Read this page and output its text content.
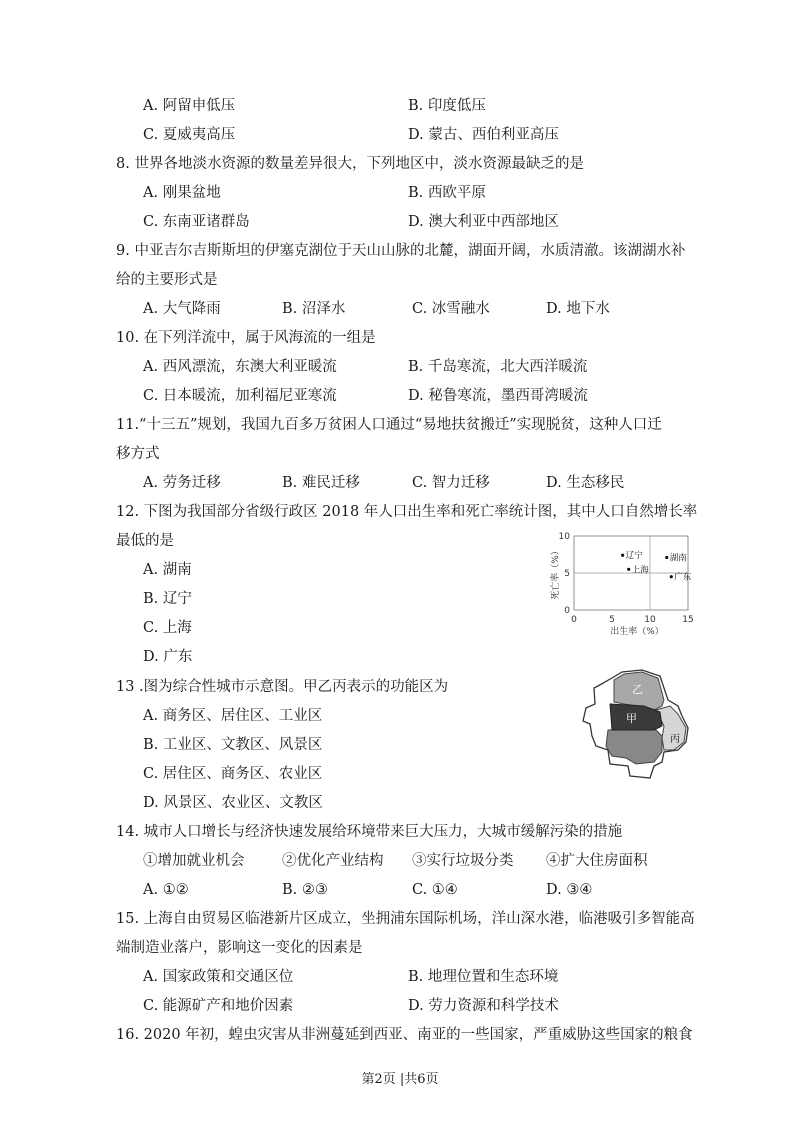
A. 阿留申低压	B. 印度低压
C. 夏威夷高压	D. 蒙古、西伯利亚高压
8. 世界各地淡水资源的数量差异很大，下列地区中，淡水资源最缺乏的是
A. 刚果盆地	B. 西欧平原
C. 东南亚诸群岛	D. 澳大利亚中西部地区
9. 中亚吉尔吉斯斯坦的伊塞克湖位于天山山脉的北麓，湖面开阔，水质清澈。该湖湖水补
给的主要形式是
A. 大气降雨	B. 沼泽水	C. 冰雪融水	D. 地下水
10. 在下列洋流中，属于风海流的一组是
A. 西风漂流，东澳大利亚暖流	B. 千岛寒流，北大西洋暖流
C. 日本暖流，加利福尼亚寒流	D. 秘鲁寒流，墨西哥湾暖流
11.“十三五”规划，我国九百多万贫困人口通过“易地扶贫搬迁”实现脱贫，这种人口迁
移方式
A. 劳务迁移	B. 难民迁移	C. 智力迁移	D. 生态移民
12. 下图为我国部分省级行政区 2018 年人口出生率和死亡率统计图，其中人口自然增长率
最低的是
A. 湖南
B. 辽宁
C. 上海
D. 广东
0	5	10	15
0
5
10
出生率（%）
死亡率（%）	辽宁
上海
湖南
广东
13 .图为综合性城市示意图。甲乙丙表示的功能区为
A. 商务区、居住区、工业区
B. 工业区、文教区、风景区
C. 居住区、商务区、农业区
D. 风景区、农业区、文教区
甲
乙
丙
14. 城市人口增长与经济快速发展给环境带来巨大压力，大城市缓解污染的措施
①增加就业机会	②优化产业结构 ③实行垃圾分类 ④扩大住房面积
A. ①②	B. ②③	C. ①④	D. ③④
15. 上海自由贸易区临港新片区成立，坐拥浦东国际机场，洋山深水港，临港吸引多智能高
端制造业落户，影响这一变化的因素是
A. 国家政策和交通区位	B. 地理位置和生态环境
C. 能源矿产和地价因素	D. 劳力资源和科学技术
16. 2020 年初，蝗虫灾害从非洲蔓延到西亚、南亚的一些国家，严重威胁这些国家的粮食
第2页 |共6页
